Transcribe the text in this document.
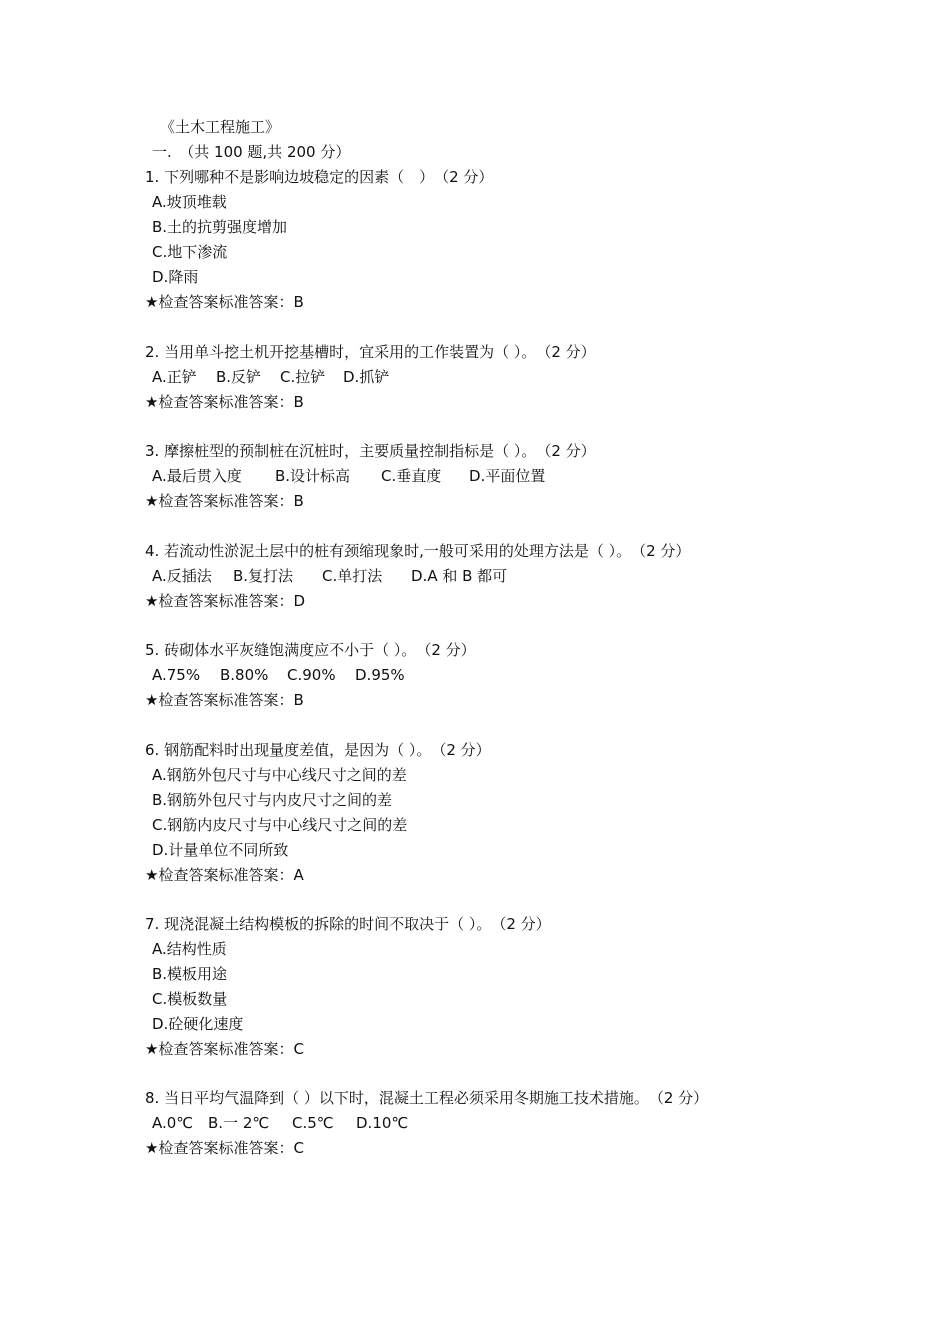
《土木工程施工》
一.　（共 100 题,共 200 分）
1. 下列哪种不是影响边坡稳定的因素（　）　（2 分）
A.坡顶堆载
B.土的抗剪强度增加
C.地下渗流
D.降雨
★检查答案标准答案：B
2. 当用单斗挖土机开挖基槽时，宜采用的工作装置为（ ）。　（2 分）
A.正铲	B.反铲	C.拉铲	D.抓铲
★检查答案标准答案：B
3. 摩擦桩型的预制桩在沉桩时，主要质量控制指标是（ ）。　（2 分）
A.最后贯入度	B.设计标高	C.垂直度	D.平面位置
★检查答案标准答案：B
4. 若流动性淤泥土层中的桩有颈缩现象时,一般可采用的处理方法是（ ）。　（2 分）
A.反插法	B.复打法	C.单打法	D.A 和 B 都可
★检查答案标准答案：D
5. 砖砌体水平灰缝饱满度应不小于（ ）。　（2 分）
A.75%	B.80%	C.90%	D.95%
★检查答案标准答案：B
6. 钢筋配料时出现量度差值，是因为（ ）。　（2 分）
A.钢筋外包尺寸与中心线尺寸之间的差
B.钢筋外包尺寸与内皮尺寸之间的差
C.钢筋内皮尺寸与中心线尺寸之间的差
D.计量单位不同所致
★检查答案标准答案：A
7. 现浇混凝土结构模板的拆除的时间不取决于（ ）。　（2 分）
A.结构性质
B.模板用途
C.模板数量
D.砼硬化速度
★检查答案标准答案：C
8. 当日平均气温降到（ ）以下时，混凝土工程必须采用冬期施工技术措施。　（2 分）
A.0℃ B.一 2℃	C.5℃	D.10℃
★检查答案标准答案：C
